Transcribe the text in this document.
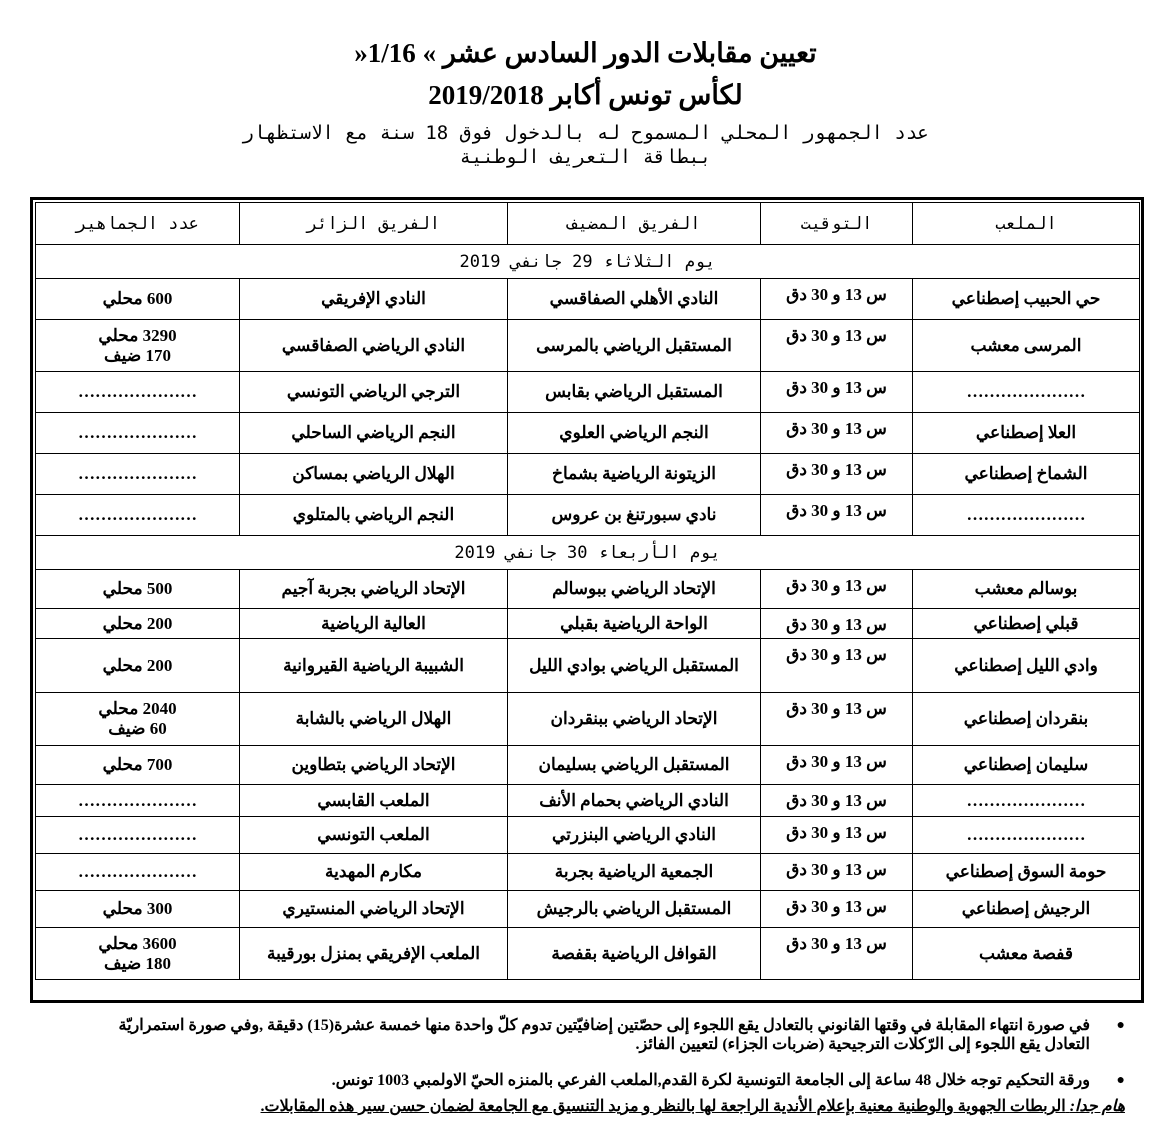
تعيين مقابلات الدور السادس عشر » 1/16«
لكأس تونس أكابر 2019/2018
عدد الجمهور المحلي المسموح له بالدخول فوق 18 سنة مع الاستظهار
ببطاقة التعريف الوطنية
الملعب	التوقيت	الفريق المضيف	الفريق الزائر	عدد الجماهير
يوم الثلاثاء 29 جانفي 2019				
حي الحبيب إصطناعي	س 13 و 30 دق	النادي الأهلي الصفاقسي	النادي الإفريقي	600 محلي

المرسى معشب	س 13 و 30 دق	المستقبل الرياضي بالمرسى	النادي الرياضي الصفاقسي	3290 محلي
170 ضيف

…………………	س 13 و 30 دق	المستقبل الرياضي بقابس	الترجي الرياضي التونسي	…………………

العلا إصطناعي	س 13 و 30 دق	النجم الرياضي العلوي	النجم الرياضي الساحلي	…………………

الشماخ إصطناعي	س 13 و 30 دق	الزيتونة الرياضية بشماخ	الهلال الرياضي بمساكن	…………………

…………………	س 13 و 30 دق	نادي سبورتنغ بن عروس	النجم الرياضي بالمتلوي	…………………

يوم الأربعاء 30 جانفي 2019				
بوسالم معشب	س 13 و 30 دق	الإتحاد الرياضي ببوسالم	الإتحاد الرياضي بجربة آجيم	500 محلي

قبلي إصطناعي	س 13 و 30 دق	الواحة الرياضية بقبلي	العالية الرياضية	200 محلي

وادي الليل إصطناعي	س 13 و 30 دق	المستقبل الرياضي بوادي الليل	الشبيبة الرياضية القيروانية	200 محلي

بنقردان إصطناعي	س 13 و 30 دق	الإتحاد الرياضي ببنقردان	الهلال الرياضي بالشابة	2040 محلي
60 ضيف

سليمان إصطناعي	س 13 و 30 دق	المستقبل الرياضي بسليمان	الإتحاد الرياضي بتطاوين	700 محلي

…………………	س 13 و 30 دق	النادي الرياضي بحمام الأنف	الملعب القابسي	…………………

…………………	س 13 و 30 دق	النادي الرياضي البنزرتي	الملعب التونسي	…………………

حومة السوق إصطناعي	س 13 و 30 دق	الجمعية الرياضية بجربة	مكارم المهدية	…………………

الرجيش إصطناعي	س 13 و 30 دق	المستقبل الرياضي بالرجيش	الإتحاد الرياضي المنستيري	300 محلي

قفصة معشب	س 13 و 30 دق	القوافل الرياضية بقفصة	الملعب الإفريقي بمنزل بورقيبة	3600 محلي
180 ضيف
●
في صورة انتهاء المقابلة في وقتها القانوني بالتعادل يقع اللجوء إلى حصّتين إضافيّتين تدوم كلّ واحدة منها خمسة عشرة(15) دقيقة ,وفي صورة استمراريّة التعادل يقع اللجوء إلى الرّكلات الترجيحية (ضربات الجزاء) لتعيين الفائز.
●
ورقة التحكيم توجه خلال 48 ساعة إلى الجامعة التونسية لكرة القدم,الملعب الفرعي بالمنزه الحيّ الاولمبي 1003 تونس.
هام جدا: الربطات الجهوية والوطنية معنية بإعلام الأندية الراجعة لها بالنظر و مزيد التنسيق مع الجامعة لضمان حسن سير هذه المقابلات.
